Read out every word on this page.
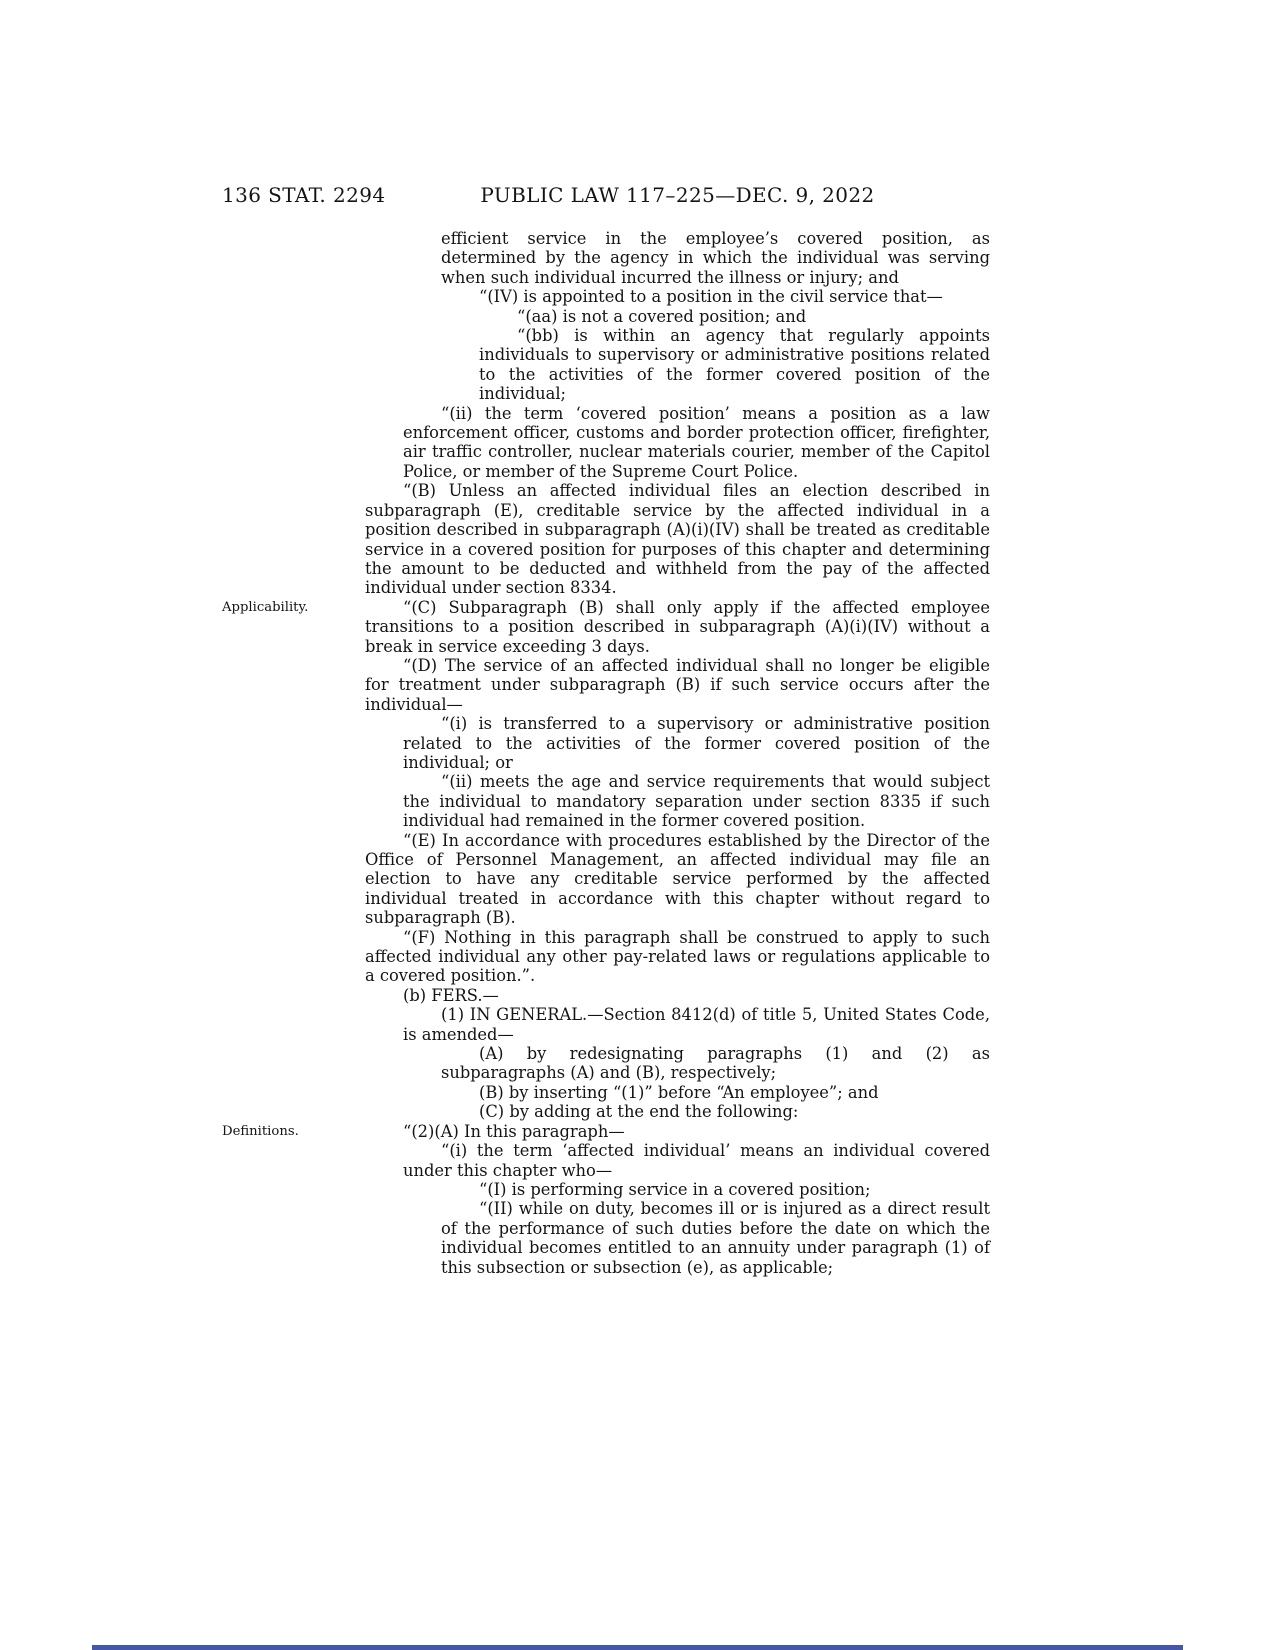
136 STAT. 2294	PUBLIC LAW 117–225—DEC. 9, 2022

efficient service in the employee’s covered position, as determined by the agency in which the individual was serving when such individual incurred the illness or injury; and

“(IV) is appointed to a position in the civil service that—

“(aa) is not a covered position; and

“(bb) is within an agency that regularly appoints individuals to supervisory or administrative positions related to the activities of the former covered position of the individual;

“(ii) the term ‘covered position’ means a position as a law enforcement officer, customs and border protection officer, firefighter, air traffic controller, nuclear materials courier, member of the Capitol Police, or member of the Supreme Court Police.

“(B) Unless an affected individual files an election described in subparagraph (E), creditable service by the affected individual in a position described in subparagraph (A)(i)(IV) shall be treated as creditable service in a covered position for purposes of this chapter and determining the amount to be deducted and withheld from the pay of the affected individual under section 8334.

“(C) Subparagraph (B) shall only apply if the affected employee transitions to a position described in subparagraph (A)(i)(IV) without a break in service exceeding 3 days.
Applicability.

“(D) The service of an affected individual shall no longer be eligible for treatment under subparagraph (B) if such service occurs after the individual—

“(i) is transferred to a supervisory or administrative position related to the activities of the former covered position of the individual; or

“(ii) meets the age and service requirements that would subject the individual to mandatory separation under section 8335 if such individual had remained in the former covered position.

“(E) In accordance with procedures established by the Director of the Office of Personnel Management, an affected individual may file an election to have any creditable service performed by the affected individual treated in accordance with this chapter without regard to subparagraph (B).

“(F) Nothing in this paragraph shall be construed to apply to such affected individual any other pay-related laws or regulations applicable to a covered position.”.

(b) FERS.—

(1) IN GENERAL.—Section 8412(d) of title 5, United States Code, is amended—

(A) by redesignating paragraphs (1) and (2) as subparagraphs (A) and (B), respectively;

(B) by inserting “(1)” before “An employee”; and

(C) by adding at the end the following:

“(2)(A) In this paragraph—
Definitions.

“(i) the term ‘affected individual’ means an individual covered under this chapter who—

“(I) is performing service in a covered position;

“(II) while on duty, becomes ill or is injured as a direct result of the performance of such duties before the date on which the individual becomes entitled to an annuity under paragraph (1) of this subsection or subsection (e), as applicable;
